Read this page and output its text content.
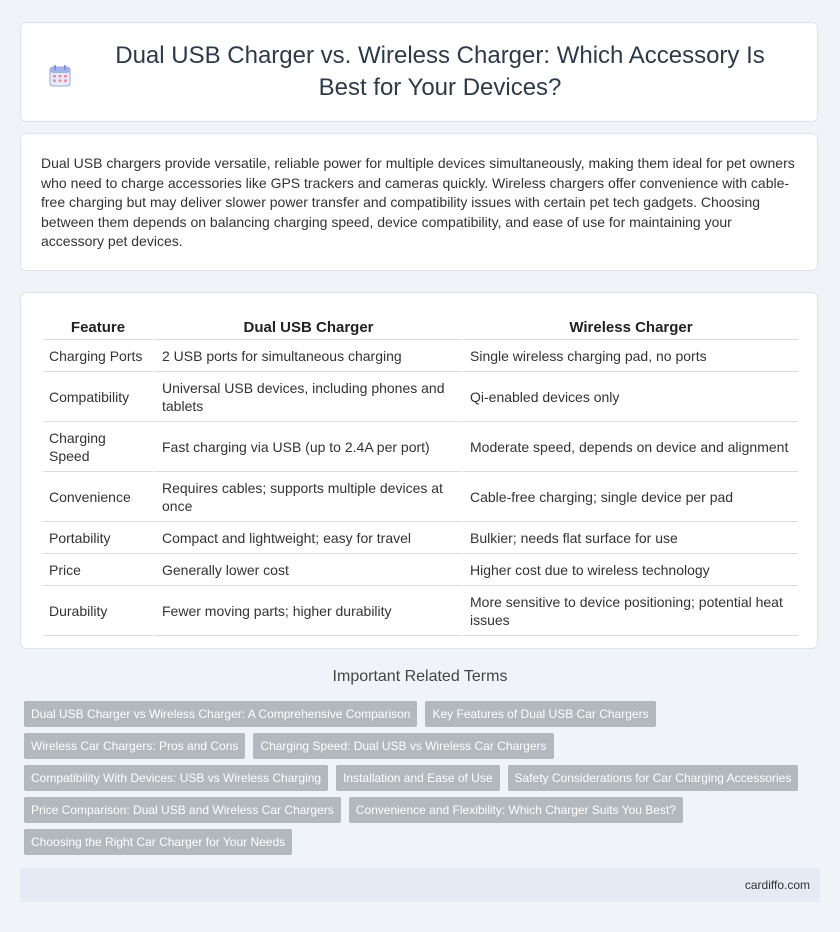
Dual USB Charger vs. Wireless Charger: Which Accessory Is Best for Your Devices?

Dual USB chargers provide versatile, reliable power for multiple devices simultaneously, making them ideal for pet owners who need to charge accessories like GPS trackers and cameras quickly. Wireless chargers offer convenience with cable-free charging but may deliver slower power transfer and compatibility issues with certain pet tech gadgets. Choosing between them depends on balancing charging speed, device compatibility, and ease of use for maintaining your accessory pet devices.

Feature	Dual USB Charger	Wireless Charger
Charging Ports	2 USB ports for simultaneous charging	Single wireless charging pad, no ports
Compatibility	Universal USB devices, including phones and tablets	Qi-enabled devices only
Charging Speed	Fast charging via USB (up to 2.4A per port)	Moderate speed, depends on device and alignment
Convenience	Requires cables; supports multiple devices at once	Cable-free charging; single device per pad
Portability	Compact and lightweight; easy for travel	Bulkier; needs flat surface for use
Price	Generally lower cost	Higher cost due to wireless technology
Durability	Fewer moving parts; higher durability	More sensitive to device positioning; potential heat issues
Important Related Terms
Dual USB Charger vs Wireless Charger: A Comprehensive Comparison	Key Features of Dual USB Car Chargers
Wireless Car Chargers: Pros and Cons	Charging Speed: Dual USB vs Wireless Car Chargers
Compatibility With Devices: USB vs Wireless Charging	Installation and Ease of Use	Safety Considerations for Car Charging Accessories
Price Comparison: Dual USB and Wireless Car Chargers	Convenience and Flexibility: Which Charger Suits You Best?
Choosing the Right Car Charger for Your Needs
cardiffo.com
